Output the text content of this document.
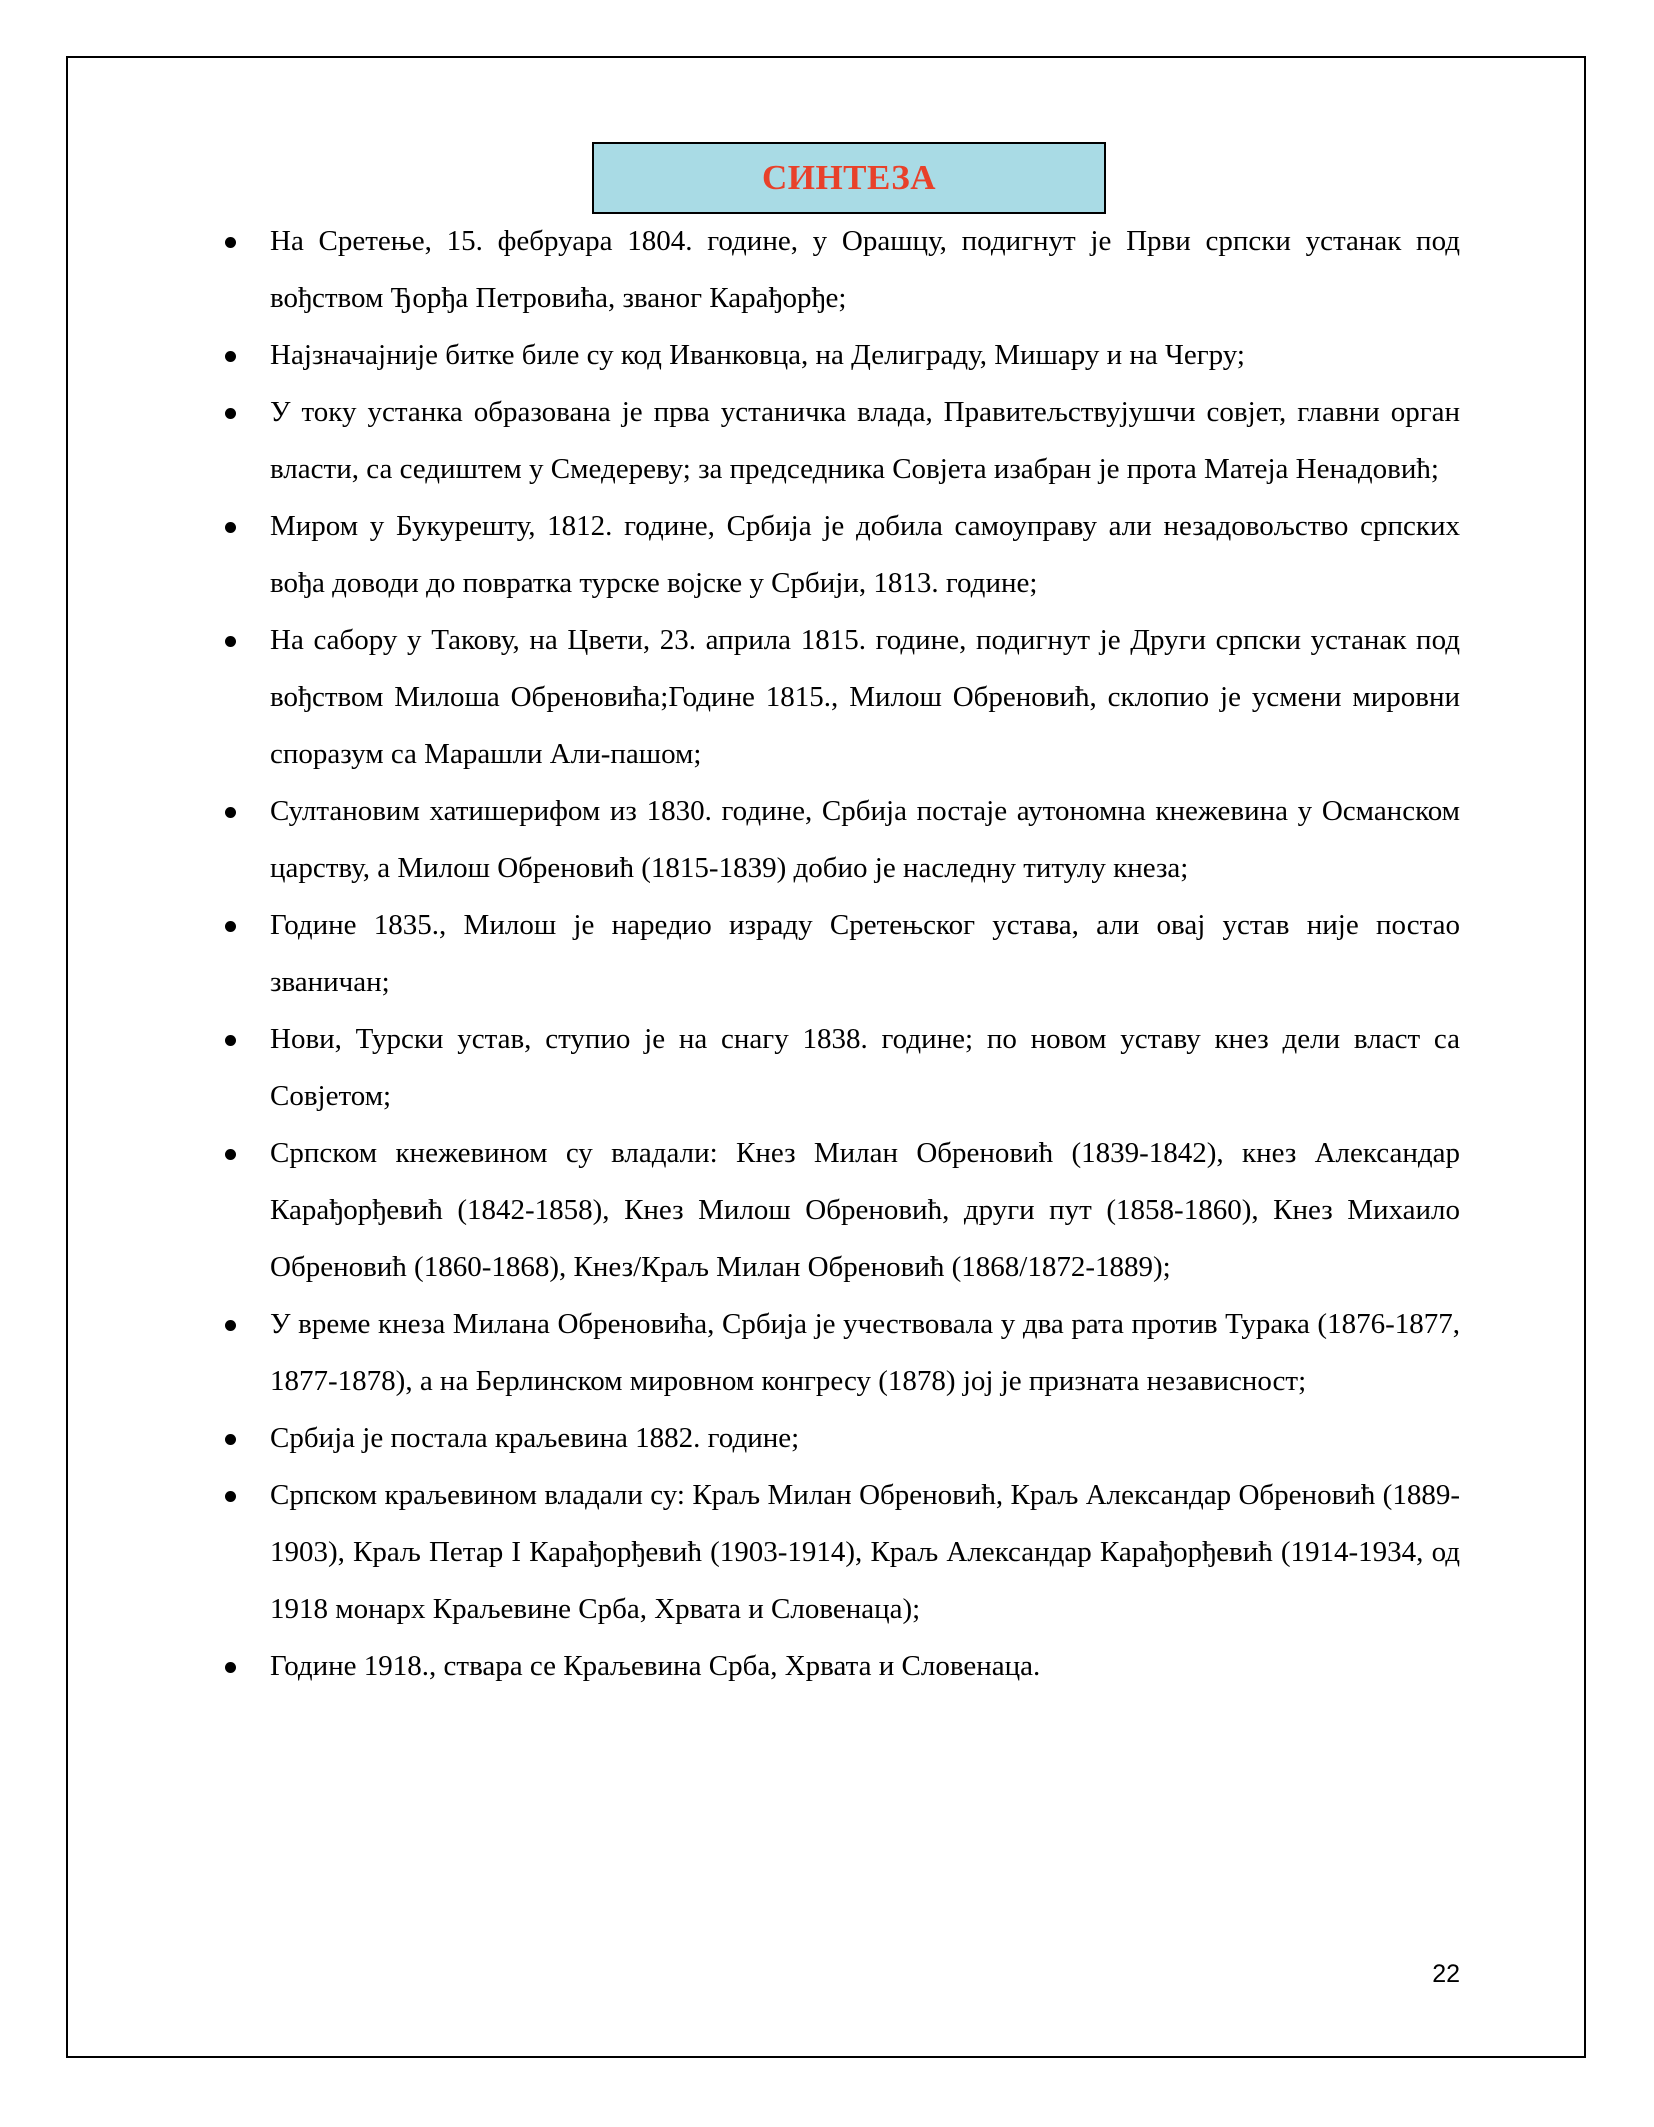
СИНТЕЗА
На Сретење, 15. фебруара 1804. године, у Орашцу, подигнут је Први српски устанак под вођством Ђорђа Петровића, званог Карађорђе;
Најзначајније битке биле су код Иванковца, на Делиграду, Мишару и на Чегру;
У току устанка образована је прва устаничка влада, Правитељствујушчи совјет, главни орган власти, са седиштем у Смедереву; за председника Совјета изабран је прота Матеја Ненадовић;
Миром у Букурешту, 1812. године, Србија је добила самоуправу али незадовољство српских вођа доводи до повратка турске војске у Србији, 1813. године;
На сабору у Такову, на Цвети, 23. априла 1815. године, подигнут је Други српски устанак под вођством Милоша Обреновића;Године 1815., Милош Обреновић, склопио је усмени мировни споразум са Марашли Али-пашом;
Султановим хатишерифом из 1830. године, Србија постаје аутономна кнежевина у Османском царству, а Милош Обреновић (1815-1839) добио је наследну титулу кнеза;
Године 1835., Милош је наредио израду Сретењског устава, али овај устав није постао званичан;
Нови, Турски устав, ступио је на снагу 1838. године; по новом уставу кнез дели власт са Совјетом;
Српском кнежевином су владали: Кнез Милан Обреновић (1839-1842), кнез Александар Карађорђевић (1842-1858), Кнез Милош Обреновић, други пут (1858-1860), Кнез Михаило Обреновић (1860-1868), Кнез/Краљ Милан Обреновић (1868/1872-1889);
У време кнеза Милана Обреновића, Србија је учествовала у два рата против Турака (1876-1877, 1877-1878), а на Берлинском мировном конгресу (1878) јој је призната независност;
Србија је постала краљевина 1882. године;
Српском краљевином владали су: Краљ Милан Обреновић, Краљ Александар Обреновић (1889-1903), Краљ Петар I Карађорђевић (1903-1914), Краљ Александар Карађорђевић (1914-1934, од 1918 монарх Краљевине Срба, Хрвата и Словенаца);
Године 1918., ствара се Краљевина Срба, Хрвата и Словенаца.
22
